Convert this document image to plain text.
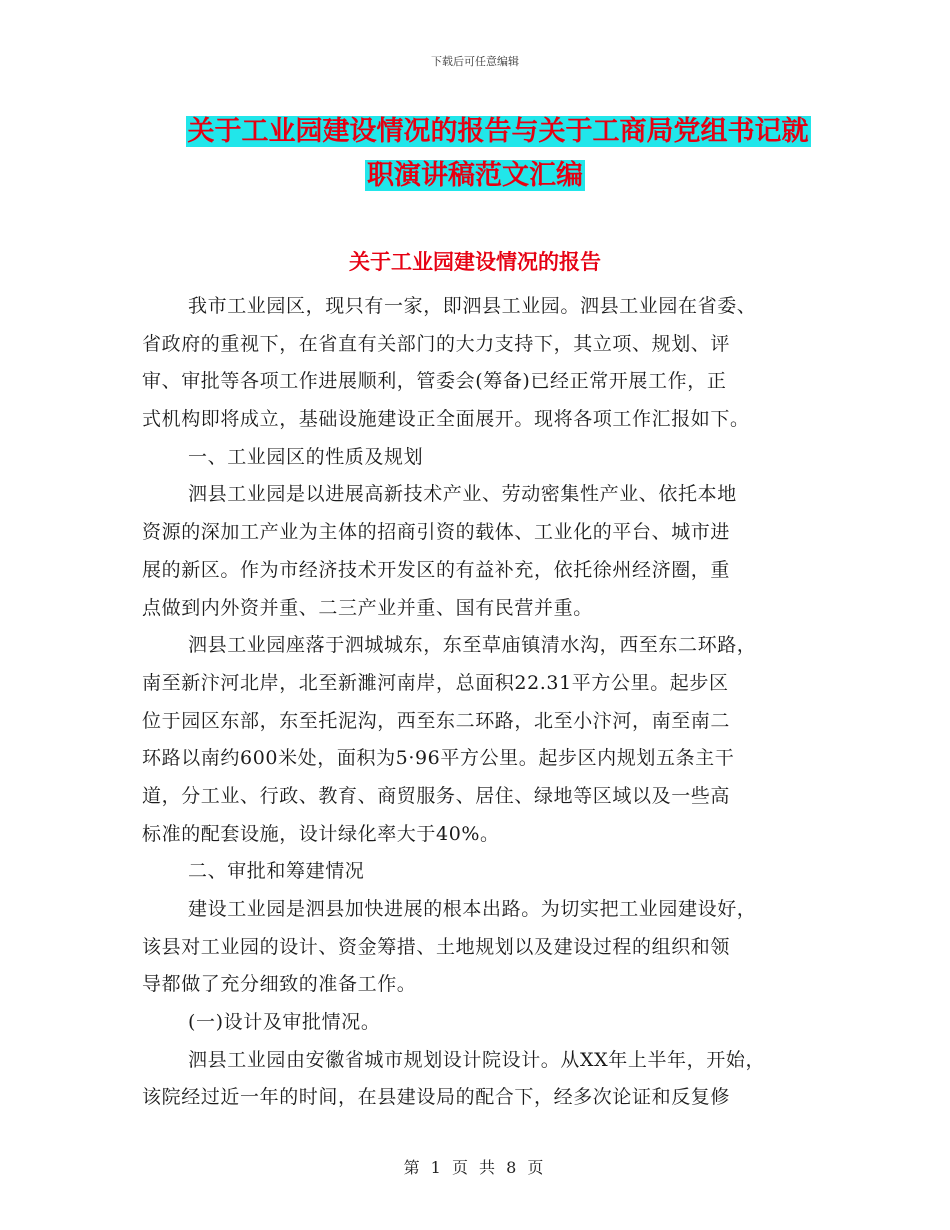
下载后可任意编辑
关于工业园建设情况的报告与关于工商局党组书记就
职演讲稿范文汇编
关于工业园建设情况的报告
我市工业园区，现只有一家，即泗县工业园。泗县工业园在省委、
省政府的重视下，在省直有关部门的大力支持下，其立项、规划、评
审、审批等各项工作进展顺利，管委会(筹备)已经正常开展工作，正
式机构即将成立，基础设施建设正全面展开。现将各项工作汇报如下。
一、工业园区的性质及规划
泗县工业园是以进展高新技术产业、劳动密集性产业、依托本地
资源的深加工产业为主体的招商引资的载体、工业化的平台、城市进
展的新区。作为市经济技术开发区的有益补充，依托徐州经济圈，重
点做到内外资并重、二三产业并重、国有民营并重。
泗县工业园座落于泗城城东，东至草庙镇清水沟，西至东二环路，
南至新汴河北岸，北至新濉河南岸，总面积22.31平方公里。起步区
位于园区东部，东至托泥沟，西至东二环路，北至小汴河，南至南二
环路以南约600米处，面积为5·96平方公里。起步区内规划五条主干
道，分工业、行政、教育、商贸服务、居住、绿地等区域以及一些高
标准的配套设施，设计绿化率大于40%。
二、审批和筹建情况
建设工业园是泗县加快进展的根本出路。为切实把工业园建设好，
该县对工业园的设计、资金筹措、土地规划以及建设过程的组织和领
导都做了充分细致的准备工作。
(一)设计及审批情况。
泗县工业园由安徽省城市规划设计院设计。从XX年上半年，开始，
该院经过近一年的时间，在县建设局的配合下，经多次论证和反复修
第 1 页 共 8 页
